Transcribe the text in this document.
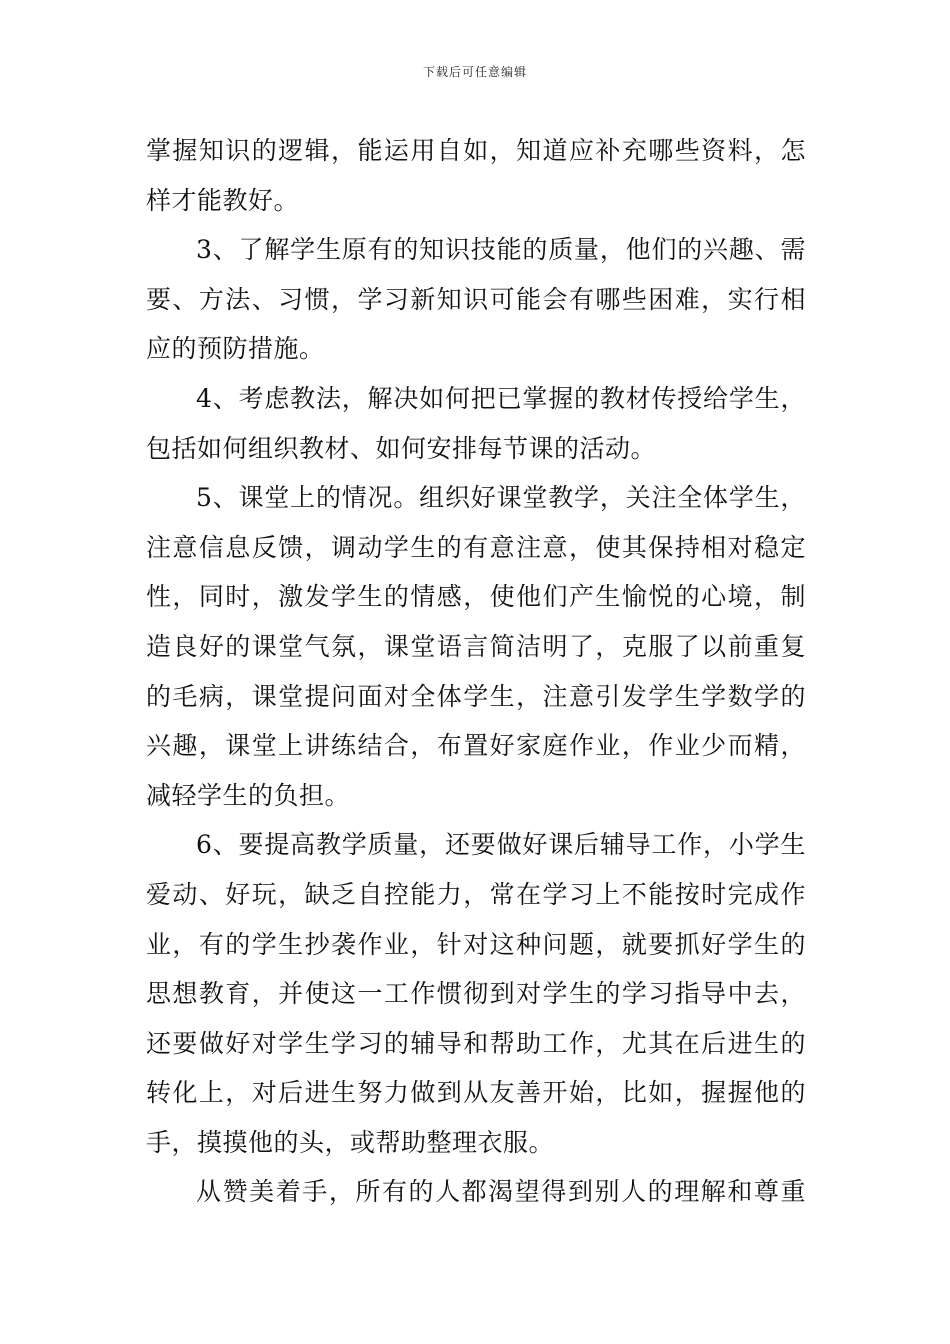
下载后可任意编辑
掌握知识的逻辑，能运用自如，知道应补充哪些资料，怎
样才能教好。
3、了解学生原有的知识技能的质量，他们的兴趣、需
要、方法、习惯，学习新知识可能会有哪些困难，实行相
应的预防措施。
4、考虑教法，解决如何把已掌握的教材传授给学生，
包括如何组织教材、如何安排每节课的活动。
5、课堂上的情况。组织好课堂教学，关注全体学生，
注意信息反馈，调动学生的有意注意，使其保持相对稳定
性，同时，激发学生的情感，使他们产生愉悦的心境，制
造良好的课堂气氛，课堂语言简洁明了，克服了以前重复
的毛病，课堂提问面对全体学生，注意引发学生学数学的
兴趣，课堂上讲练结合，布置好家庭作业，作业少而精，
减轻学生的负担。
6、要提高教学质量，还要做好课后辅导工作，小学生
爱动、好玩，缺乏自控能力，常在学习上不能按时完成作
业，有的学生抄袭作业，针对这种问题，就要抓好学生的
思想教育，并使这一工作惯彻到对学生的学习指导中去，
还要做好对学生学习的辅导和帮助工作，尤其在后进生的
转化上，对后进生努力做到从友善开始，比如，握握他的
手，摸摸他的头，或帮助整理衣服。
从赞美着手，所有的人都渴望得到别人的理解和尊重
